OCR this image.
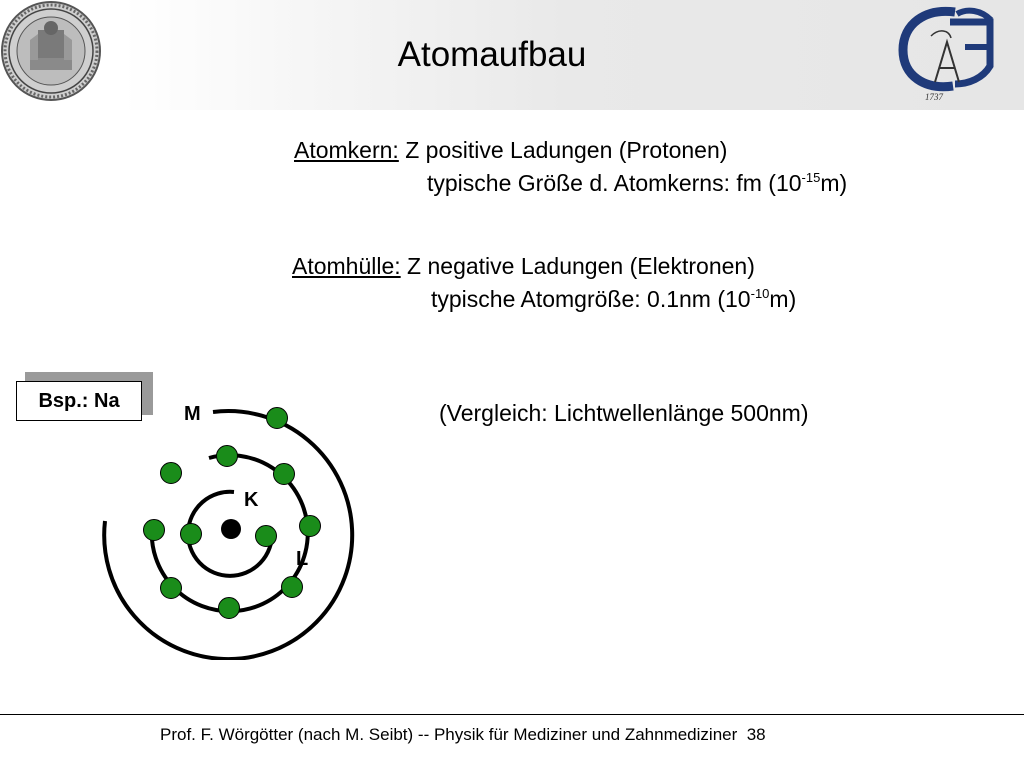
1737
Atomaufbau
Atomkern: Z positive Ladungen (Protonen)
typische Größe d. Atomkerns: fm $(10^{-15}m)$
Atomhülle: Z negative Ladungen (Elektronen)
typische Atomgröße: 0.1nm $(10^{-10}m)$
Bsp.: Na	(Vergleich: Lichtwellenlänge 500nm)
M
K
L
Prof. F. Wörgötter (nach M. Seibt) -- Physik für Mediziner und Zahnmediziner 38
